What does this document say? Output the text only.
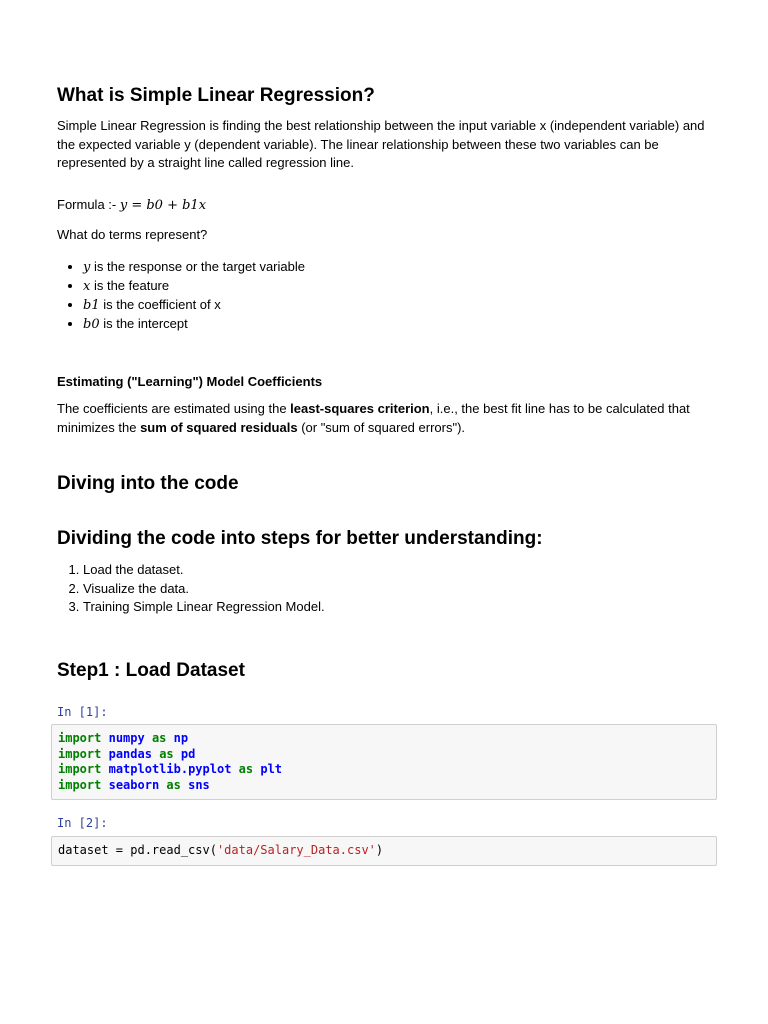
What is Simple Linear Regression?

Simple Linear Regression is finding the best relationship between the input variable x (independent variable) and the expected variable y (dependent variable). The linear relationship between these two variables can be represented by a straight line called regression line.

Formula :- y = b0 + b1x

What do terms represent?

• y is the response or the target variable
• x is the feature
• b1 is the coefficient of x
• b0 is the intercept
Estimating ("Learning") Model Coefficients

The coefficients are estimated using the least-squares criterion, i.e., the best fit line has to be calculated that minimizes the sum of squared residuals (or "sum of squared errors").

Diving into the code
Dividing the code into steps for better understanding:
1. Load the dataset.
2. Visualize the data.
3. Training Simple Linear Regression Model.
Step1 : Load Dataset
In [1]:
import numpy as np
import pandas as pd
import matplotlib.pyplot as plt
import seaborn as sns
In [2]:
dataset = pd.read_csv('data/Salary_Data.csv')
